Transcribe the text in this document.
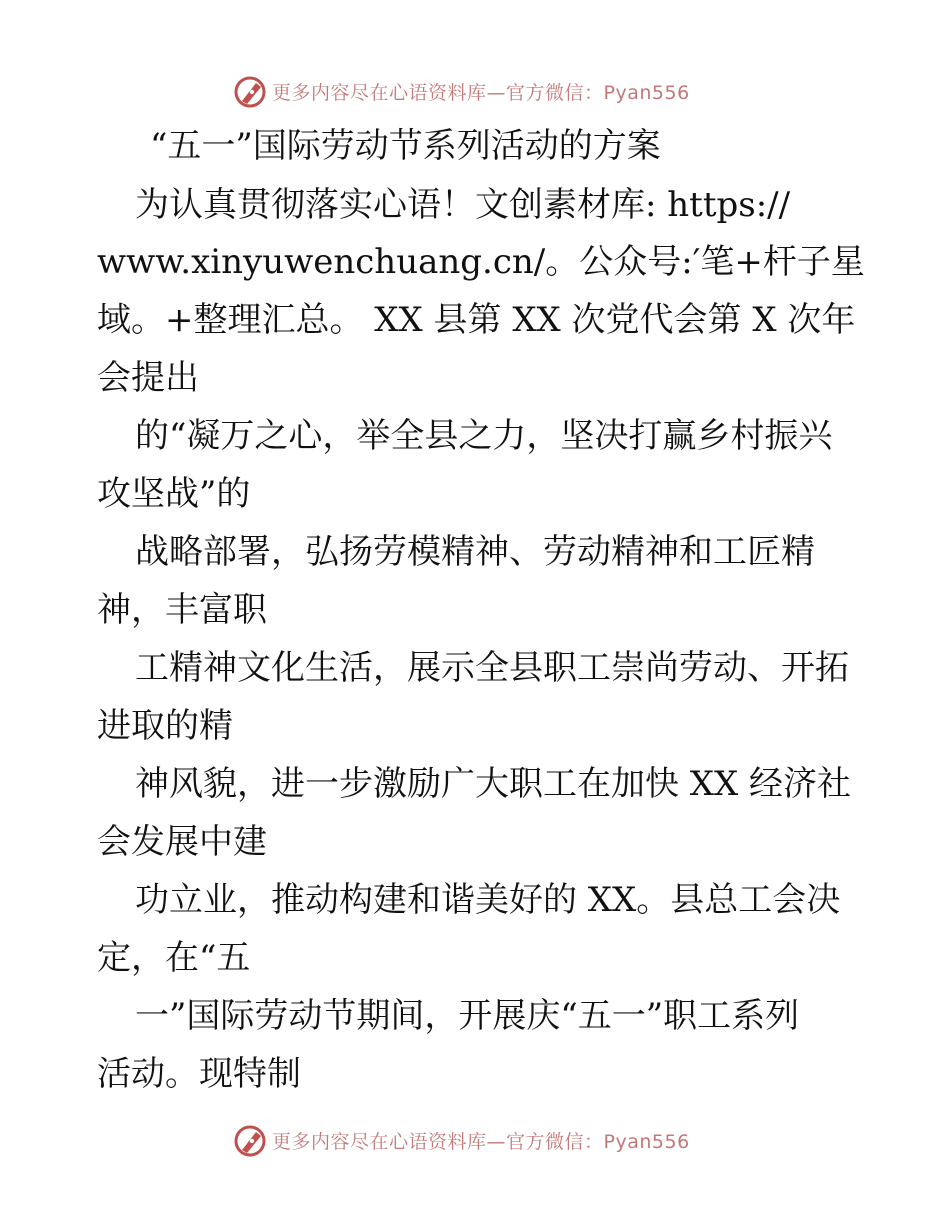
更多内容尽在心语资料库—官方微信：Pyan556
“五一”国际劳动节系列活动的方案
为认真贯彻落实心语！文创素材库: https://
www.xinyuwenchuang.cn/。公众号:′笔+杆子星
域。+整理汇总。 XX 县第 XX 次党代会第 X 次年
会提出
的“凝万之心，举全县之力，坚决打赢乡村振兴
攻坚战”的
战略部署，弘扬劳模精神、劳动精神和工匠精
神，丰富职
工精神文化生活，展示全县职工崇尚劳动、开拓
进取的精
神风貌，进一步激励广大职工在加快 XX 经济社
会发展中建
功立业，推动构建和谐美好的 XX。县总工会决
定，在“五
一”国际劳动节期间，开展庆“五一”职工系列
活动。现特制
更多内容尽在心语资料库—官方微信：Pyan556
